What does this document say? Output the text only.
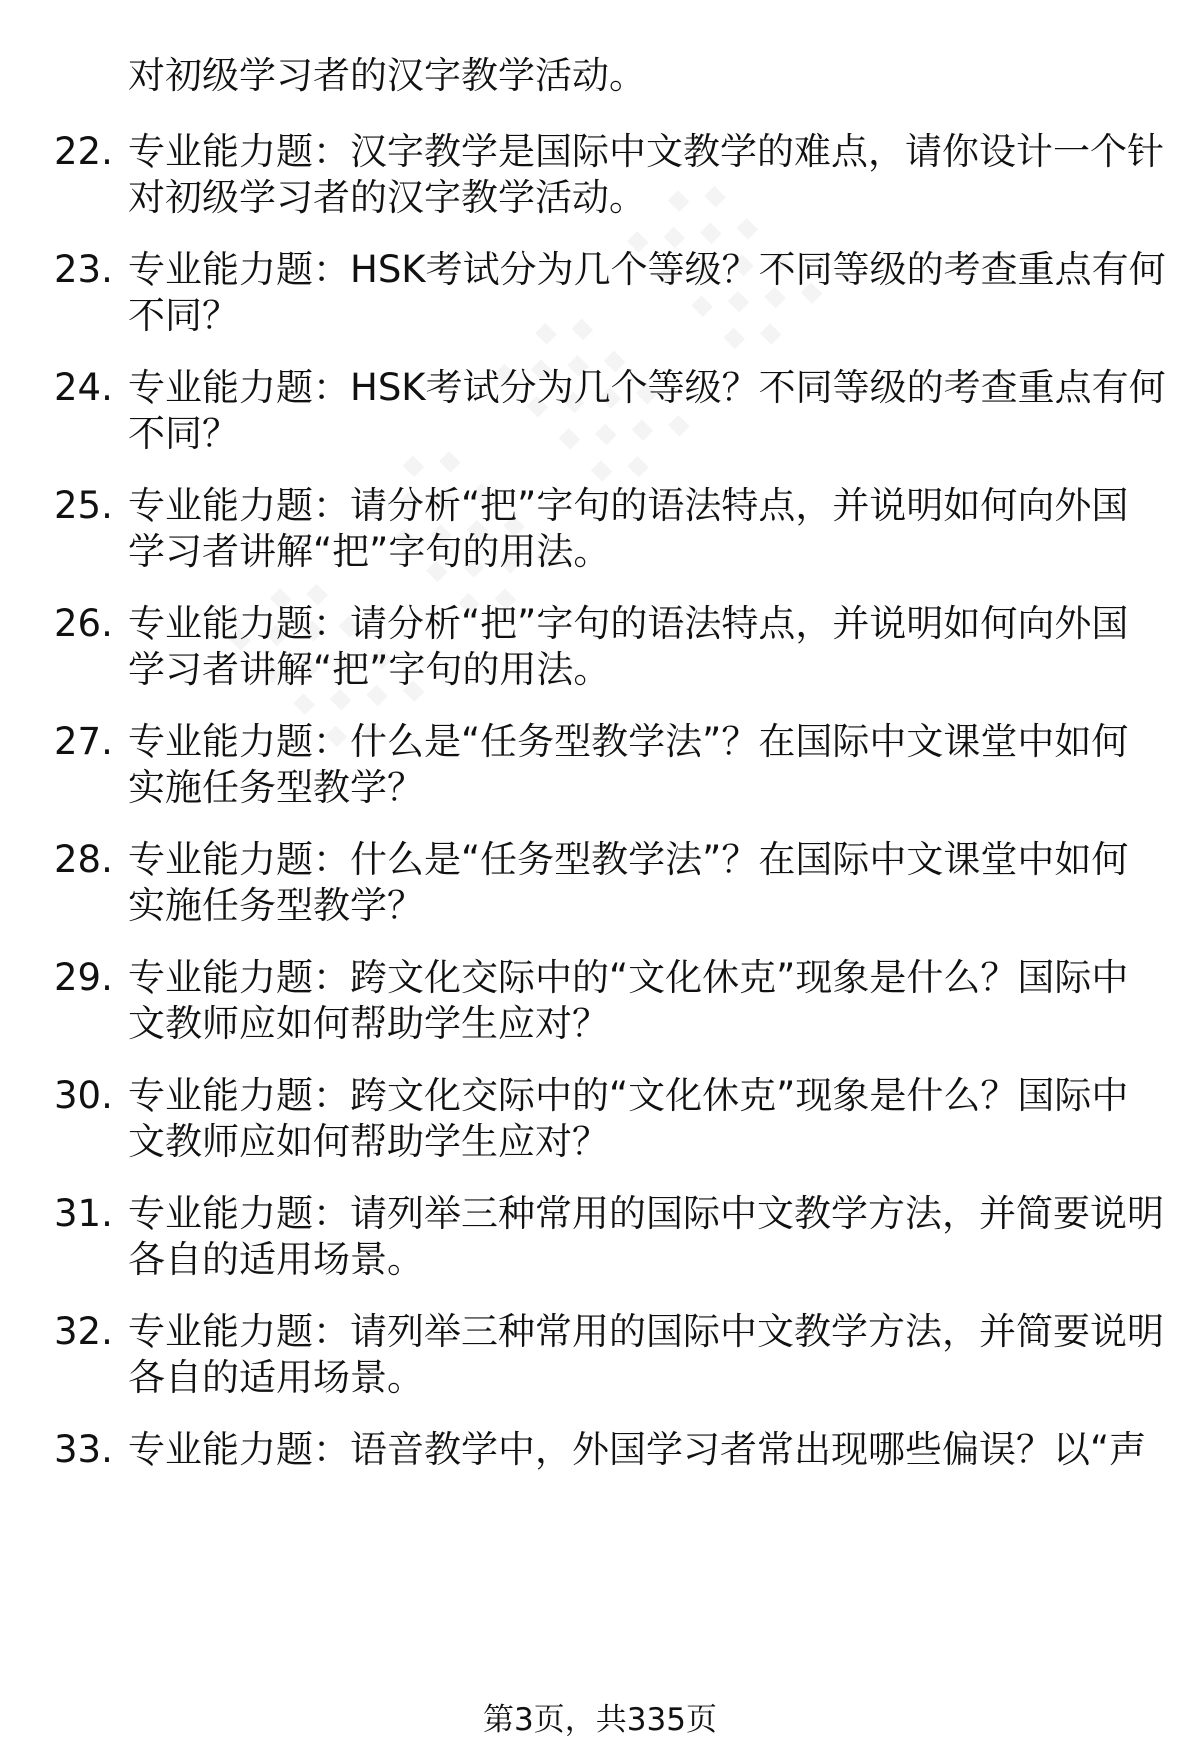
对初级学习者的汉字教学活动。
22. 专业能力题：汉字教学是国际中文教学的难点，请你设计一个针
对初级学习者的汉字教学活动。
23. 专业能力题：HSK考试分为几个等级？不同等级的考查重点有何
不同？
24. 专业能力题：HSK考试分为几个等级？不同等级的考查重点有何
不同？
25. 专业能力题：请分析“把”字句的语法特点，并说明如何向外国
学习者讲解“把”字句的用法。
26. 专业能力题：请分析“把”字句的语法特点，并说明如何向外国
学习者讲解“把”字句的用法。
27. 专业能力题：什么是“任务型教学法”？在国际中文课堂中如何
实施任务型教学？
28. 专业能力题：什么是“任务型教学法”？在国际中文课堂中如何
实施任务型教学？
29. 专业能力题：跨文化交际中的“文化休克”现象是什么？国际中
文教师应如何帮助学生应对？
30. 专业能力题：跨文化交际中的“文化休克”现象是什么？国际中
文教师应如何帮助学生应对？
31. 专业能力题：请列举三种常用的国际中文教学方法，并简要说明
各自的适用场景。
32. 专业能力题：请列举三种常用的国际中文教学方法，并简要说明
各自的适用场景。
33. 专业能力题：语音教学中，外国学习者常出现哪些偏误？以“声
第3页，共335页
